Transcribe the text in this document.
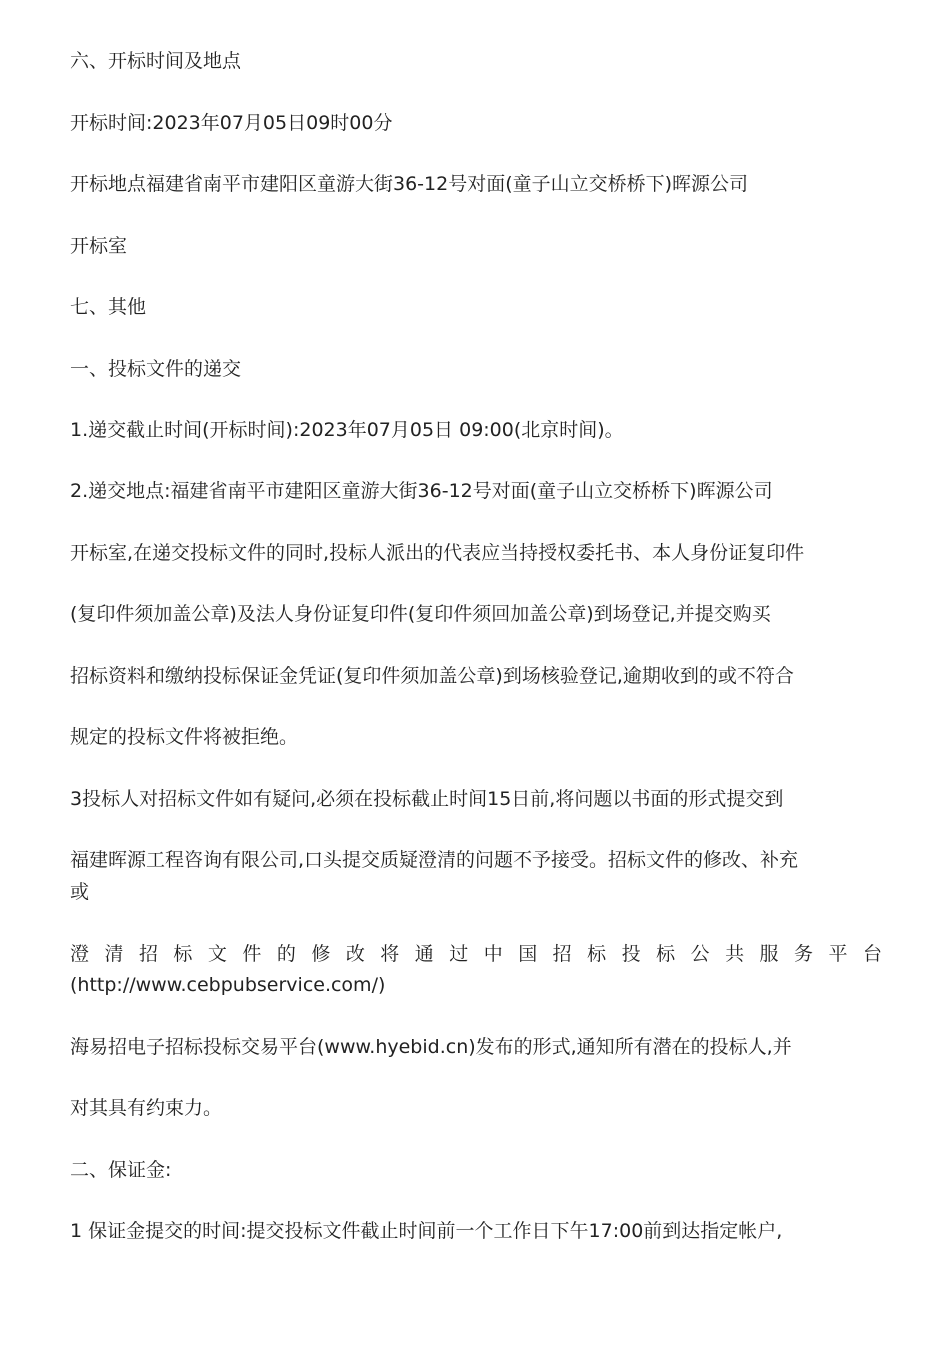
六、开标时间及地点
开标时间:2023年07月05日09时00分
开标地点福建省南平市建阳区童游大街36-12号对面(童子山立交桥桥下)晖源公司
开标室
七、其他
一、投标文件的递交
1.递交截止时间(开标时间):2023年07月05日 09:00(北京时间)。
2.递交地点:福建省南平市建阳区童游大街36-12号对面(童子山立交桥桥下)晖源公司
开标室,在递交投标文件的同时,投标人派出的代表应当持授权委托书、本人身份证复印件
(复印件须加盖公章)及法人身份证复印件(复印件须回加盖公章)到场登记,并提交购买
招标资料和缴纳投标保证金凭证(复印件须加盖公章)到场核验登记,逾期收到的或不符合
规定的投标文件将被拒绝。
3投标人对招标文件如有疑问,必须在投标截止时间15日前,将问题以书面的形式提交到
福建晖源工程咨询有限公司,口头提交质疑澄清的问题不予接受。招标文件的修改、补充
或
澄清招标文件的修改将通过中国招标投标公共服务平台
(http://www.cebpubservice.com/)
海易招电子招标投标交易平台(www.hyebid.cn)发布的形式,通知所有潜在的投标人,并
对其具有约束力。
二、保证金:
1 保证金提交的时间:提交投标文件截止时间前一个工作日下午17:00前到达指定帐户,
